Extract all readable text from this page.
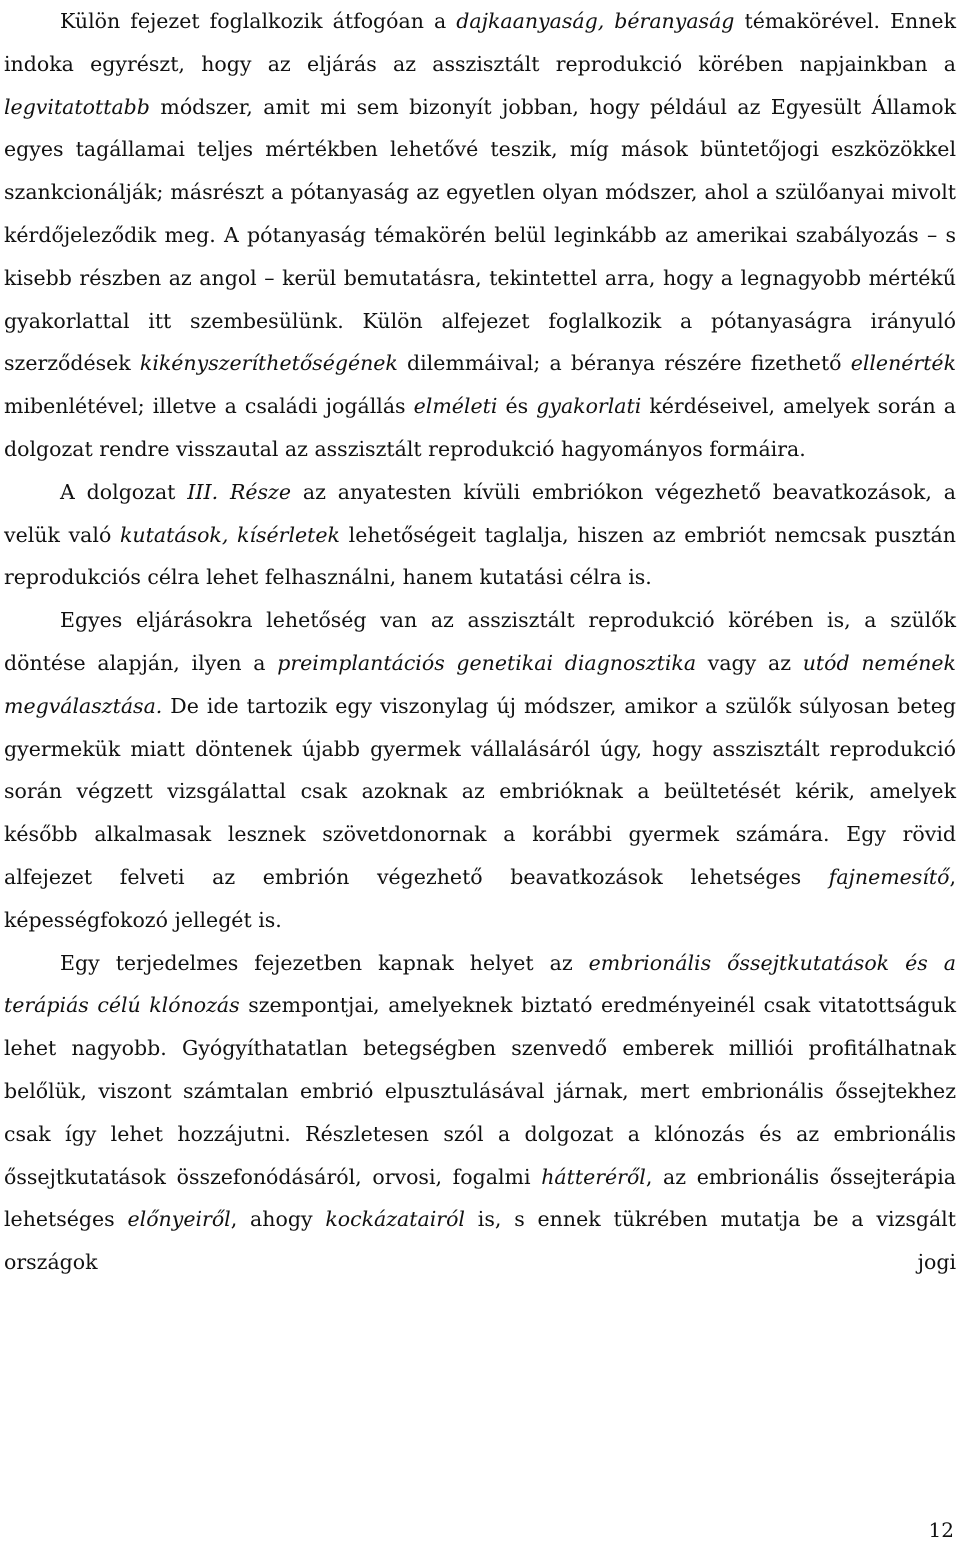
Külön fejezet foglalkozik átfogóan a dajkaanyaság, béranyaság témakörével. Ennek indoka egyrészt, hogy az eljárás az asszisztált reprodukció körében napjainkban a legvitatottabb módszer, amit mi sem bizonyít jobban, hogy például az Egyesült Államok egyes tagállamai teljes mértékben lehetővé teszik, míg mások büntetőjogi eszközökkel szankcionálják; másrészt a pótanyaság az egyetlen olyan módszer, ahol a szülőanyai mivolt kérdőjeleződik meg. A pótanyaság témakörén belül leginkább az amerikai szabályozás – s kisebb részben az angol – kerül bemutatásra, tekintettel arra, hogy a legnagyobb mértékű gyakorlattal itt szembesülünk. Külön alfejezet foglalkozik a pótanyaságra irányuló szerződések kikényszeríthetőségének dilemmáival; a béranya részére fizethető ellenérték mibenlétével; illetve a családi jogállás elméleti és gyakorlati kérdéseivel, amelyek során a dolgozat rendre visszautal az asszisztált reprodukció hagyományos formáira.

A dolgozat III. Része az anyatesten kívüli embriókon végezhető beavatkozások, a velük való kutatások, kísérletek lehetőségeit taglalja, hiszen az embriót nemcsak pusztán reprodukciós célra lehet felhasználni, hanem kutatási célra is.

Egyes eljárásokra lehetőség van az asszisztált reprodukció körében is, a szülők döntése alapján, ilyen a preimplantációs genetikai diagnosztika vagy az utód nemének megválasztása. De ide tartozik egy viszonylag új módszer, amikor a szülők súlyosan beteg gyermekük miatt döntenek újabb gyermek vállalásáról úgy, hogy asszisztált reprodukció során végzett vizsgálattal csak azoknak az embrióknak a beültetését kérik, amelyek később alkalmasak lesznek szövetdonornak a korábbi gyermek számára. Egy rövid alfejezet felveti az embrión végezhető beavatkozások lehetséges fajnemesítő, képességfokozó jellegét is.

Egy terjedelmes fejezetben kapnak helyet az embrionális őssejtkutatások és a terápiás célú klónozás szempontjai, amelyeknek biztató eredményeinél csak vitatottságuk lehet nagyobb. Gyógyíthatatlan betegségben szenvedő emberek milliói profitálhatnak belőlük, viszont számtalan embrió elpusztulásával járnak, mert embrionális őssejtekhez csak így lehet hozzájutni. Részletesen szól a dolgozat a klónozás és az embrionális őssejtkutatások összefonódásáról, orvosi, fogalmi hátteréről, az embrionális őssejterápia lehetséges előnyeiről, ahogy kockázatairól is, s ennek tükrében mutatja be a vizsgált országok jogi

12
